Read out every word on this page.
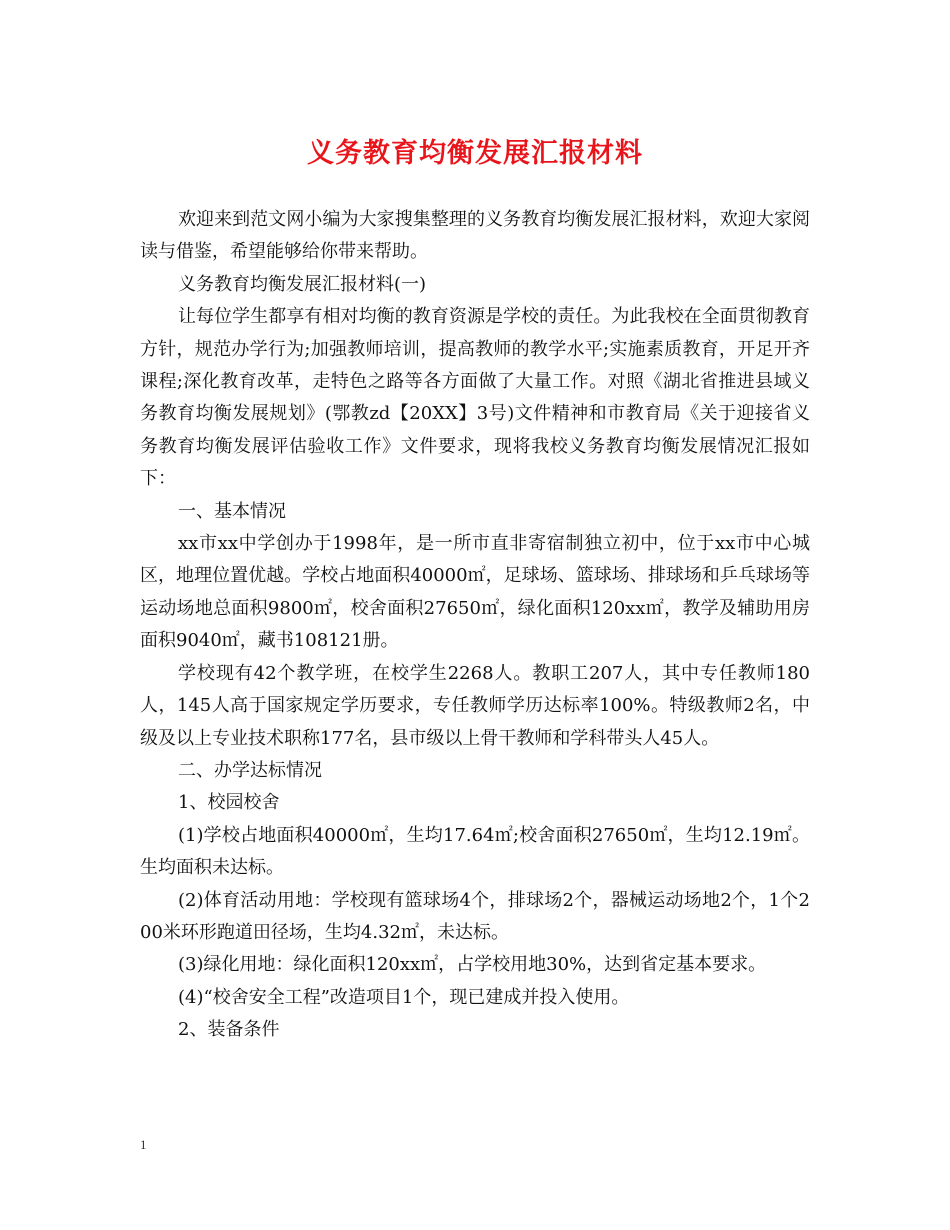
义务教育均衡发展汇报材料

欢迎来到范文网小编为大家搜集整理的义务教育均衡发展汇报材料，欢迎大家阅读与借鉴，希望能够给你带来帮助。

义务教育均衡发展汇报材料(一)

让每位学生都享有相对均衡的教育资源是学校的责任。为此我校在全面贯彻教育方针，规范办学行为;加强教师培训，提高教师的教学水平;实施素质教育，开足开齐课程;深化教育改革，走特色之路等各方面做了大量工作。对照《湖北省推进县域义务教育均衡发展规划》(鄂教zd【20XX】3号)文件精神和市教育局《关于迎接省义务教育均衡发展评估验收工作》文件要求，现将我校义务教育均衡发展情况汇报如下：

一、基本情况

xx市xx中学创办于1998年，是一所市直非寄宿制独立初中，位于xx市中心城区，地理位置优越。学校占地面积40000㎡，足球场、篮球场、排球场和乒乓球场等运动场地总面积9800㎡，校舍面积27650㎡，绿化面积120xx㎡，教学及辅助用房面积9040㎡，藏书108121册。

学校现有42个教学班，在校学生2268人。教职工207人，其中专任教师180人，145人高于国家规定学历要求，专任教师学历达标率100%。特级教师2名，中级及以上专业技术职称177名，县市级以上骨干教师和学科带头人45人。

二、办学达标情况

1、校园校舍

(1)学校占地面积40000㎡，生均17.64㎡;校舍面积27650㎡，生均12.19㎡。生均面积未达标。

(2)体育活动用地：学校现有篮球场4个，排球场2个，器械运动场地2个，1个200米环形跑道田径场，生均4.32㎡，未达标。

(3)绿化用地：绿化面积120xx㎡，占学校用地30%，达到省定基本要求。

(4)“校舍安全工程”改造项目1个，现已建成并投入使用。

2、装备条件

1
